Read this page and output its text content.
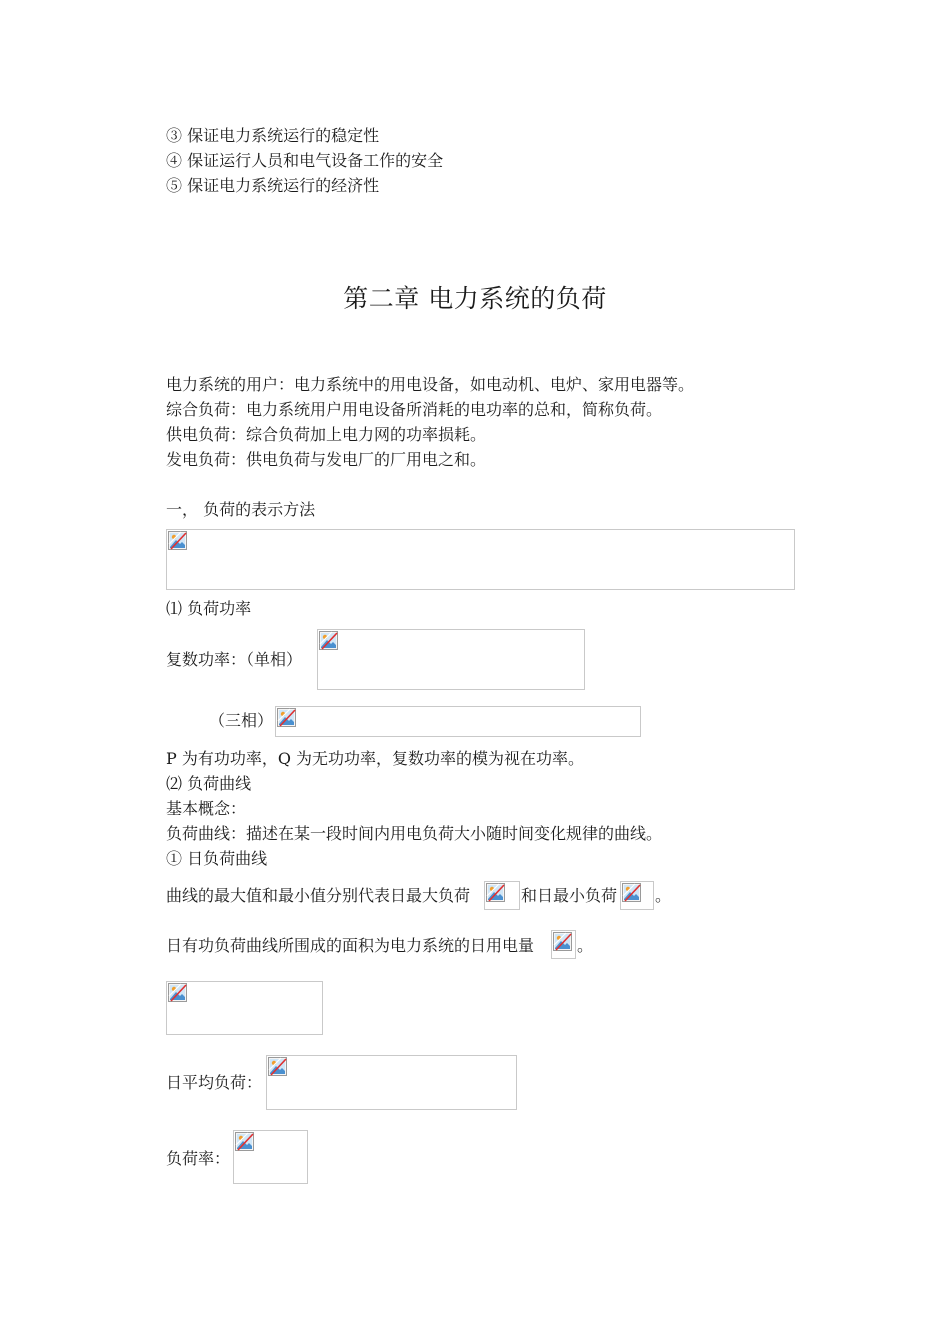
③ 保证电力系统运行的稳定性
④ 保证运行人员和电气设备工作的安全
⑤ 保证电力系统运行的经济性
第二章 电力系统的负荷
电力系统的用户：电力系统中的用电设备，如电动机、电炉、家用电器等。
综合负荷：电力系统用户用电设备所消耗的电功率的总和，简称负荷。
供电负荷：综合负荷加上电力网的功率损耗。
发电负荷：供电负荷与发电厂的厂用电之和。
一， 负荷的表示方法
⑴ 负荷功率
复数功率：（单相）
（三相）
P 为有功功率，Q 为无功功率，复数功率的模为视在功率。
⑵ 负荷曲线
基本概念：
负荷曲线：描述在某一段时间内用电负荷大小随时间变化规律的曲线。
① 日负荷曲线
曲线的最大值和最小值分别代表日最大负荷	和日最小负荷 。
日有功负荷曲线所围成的面积为电力系统的日用电量	。
日平均负荷：
负荷率：
